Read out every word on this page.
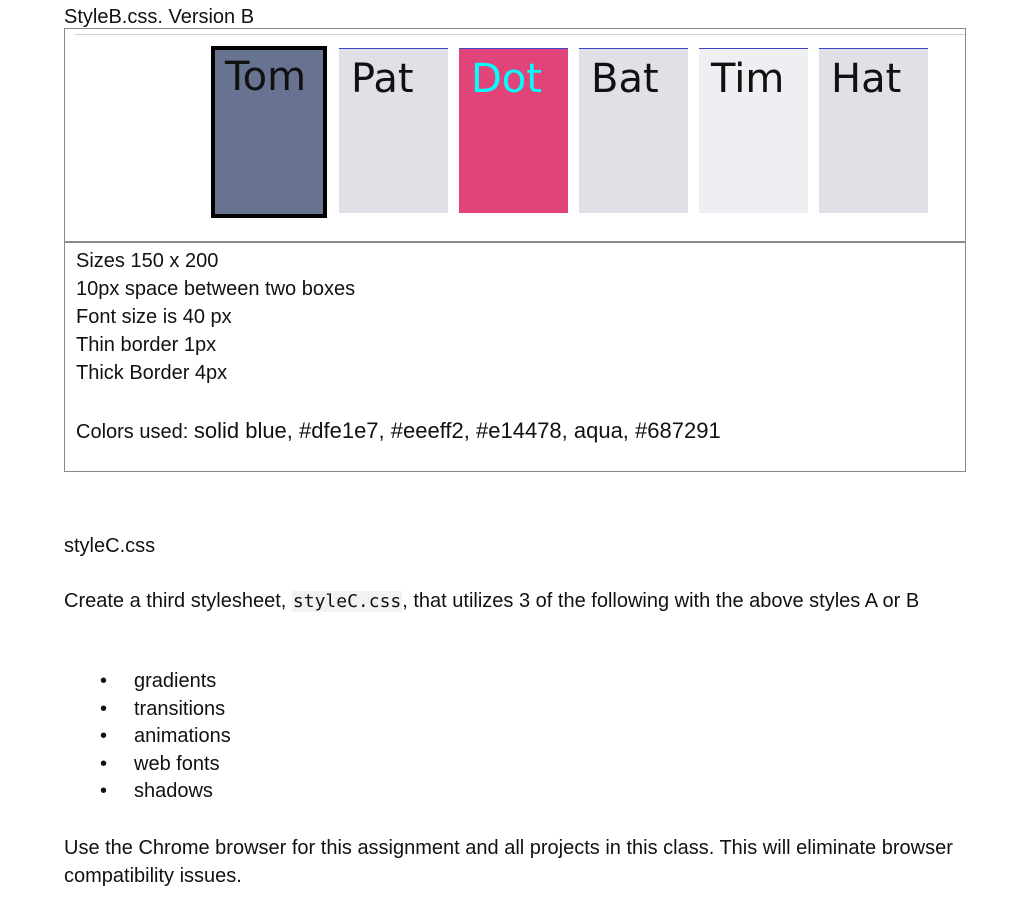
StyleB.css. Version B
Tom	Pat	Dot	Bat	Tim	Hat

Sizes 150 x 200

10px space between two boxes

Font size is 40 px

Thin border 1px

Thick Border 4px

Colors used: solid blue, #dfe1e7, #eeeff2, #e14478, aqua, #687291

styleC.css

Create a third stylesheet, styleC.css, that utilizes 3 of the following with the above styles A or B

• gradients
• transitions
• animations
• web fonts
• shadows

Use the Chrome browser for this assignment and all projects in this class. This will eliminate browser compatibility issues.
